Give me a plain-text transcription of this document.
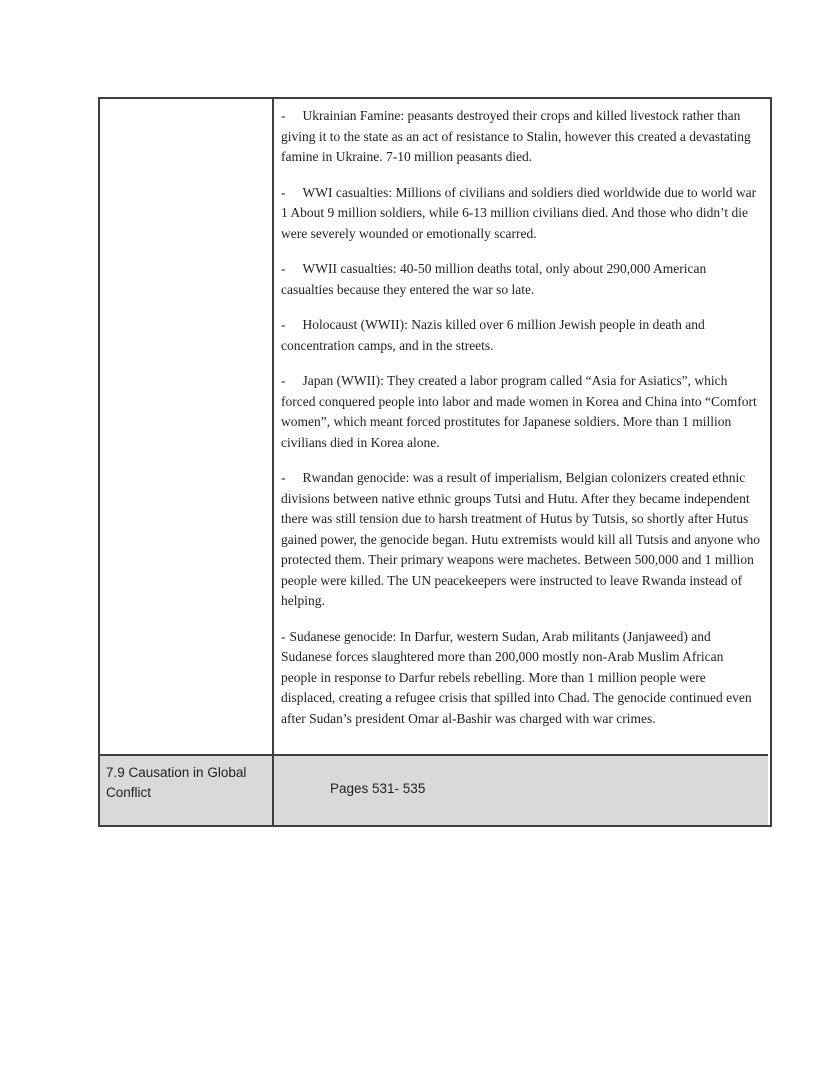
- Ukrainian Famine: peasants destroyed their crops and killed livestock rather than giving it to the state as an act of resistance to Stalin, however this created a devastating famine in Ukraine. 7-10 million peasants died.

- WWI casualties: Millions of civilians and soldiers died worldwide due to world war 1 About 9 million soldiers, while 6-13 million civilians died. And those who didn’t die were severely wounded or emotionally scarred.

- WWII casualties: 40-50 million deaths total, only about 290,000 American casualties because they entered the war so late.

- Holocaust (WWII): Nazis killed over 6 million Jewish people in death and concentration camps, and in the streets.

- Japan (WWII): They created a labor program called “Asia for Asiatics”, which forced conquered people into labor and made women in Korea and China into “Comfort women”, which meant forced prostitutes for Japanese soldiers. More than 1 million civilians died in Korea alone.

- Rwandan genocide: was a result of imperialism, Belgian colonizers created ethnic divisions between native ethnic groups Tutsi and Hutu. After they became independent there was still tension due to harsh treatment of Hutus by Tutsis, so shortly after Hutus gained power, the genocide began. Hutu extremists would kill all Tutsis and anyone who protected them. Their primary weapons were machetes. Between 500,000 and 1 million people were killed. The UN peacekeepers were instructed to leave Rwanda instead of helping.

- Sudanese genocide: In Darfur, western Sudan, Arab militants (Janjaweed) and Sudanese forces slaughtered more than 200,000 mostly non-Arab Muslim African people in response to Darfur rebels rebelling. More than 1 million people were displaced, creating a refugee crisis that spilled into Chad. The genocide continued even after Sudan’s president Omar al-Bashir was charged with war crimes.

7.9 Causation in Global Conflict	Pages 531- 535
